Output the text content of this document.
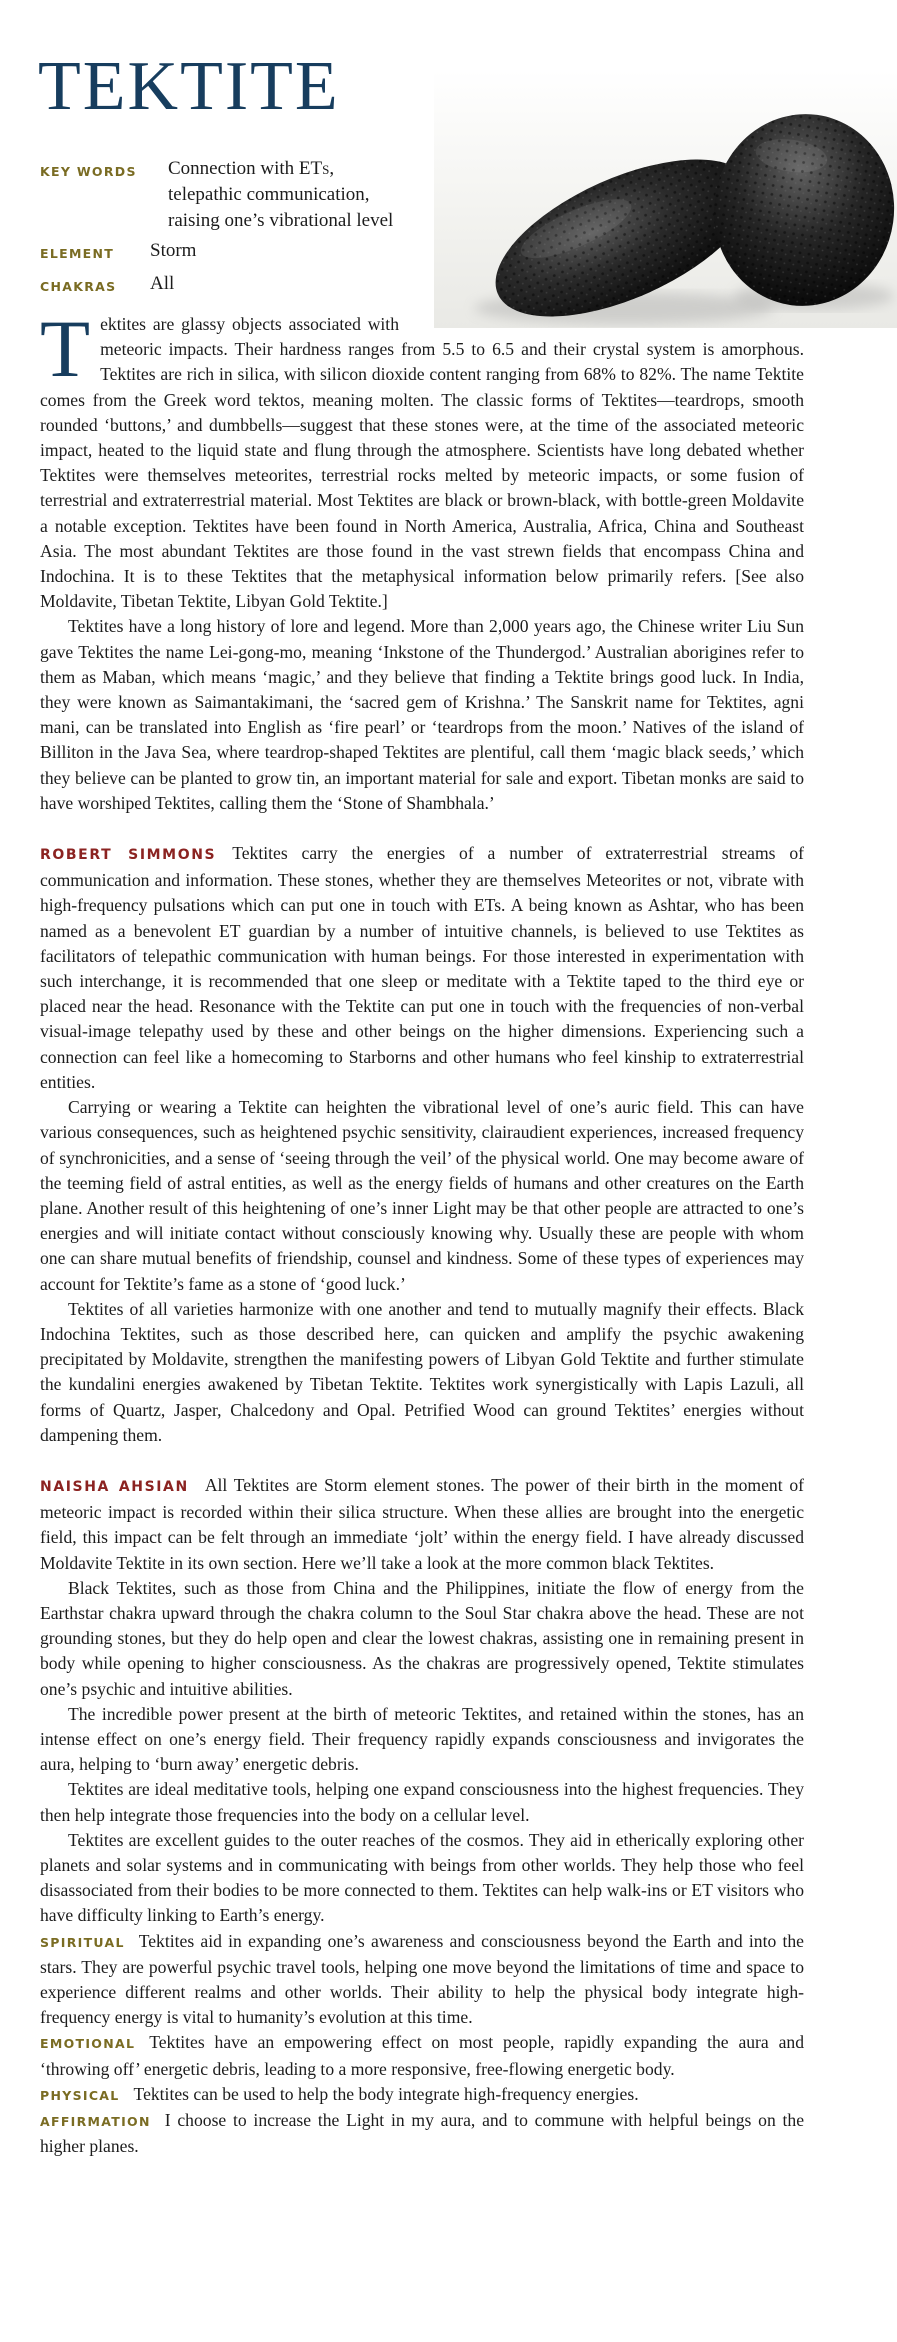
TEKTITE
KEY WORDS	Connection with ETs, telepathic communication, raising one’s vibrational level
ELEMENT	Storm
CHAKRAS	All

Tektites are glassy objects associated with meteoric impacts. Their hardness ranges from 5.5 to 6.5 and their crystal system is amorphous. Tektites are rich in silica, with silicon dioxide content ranging from 68% to 82%. The name Tektite comes from the Greek word tektos, meaning molten. The classic forms of Tektites—teardrops, smooth rounded ‘buttons,’ and dumbbells—suggest that these stones were, at the time of the associated meteoric impact, heated to the liquid state and flung through the atmosphere. Scientists have long debated whether Tektites were themselves meteorites, terrestrial rocks melted by meteoric impacts, or some fusion of terrestrial and extraterrestrial material. Most Tektites are black or brown-black, with bottle-green Moldavite a notable exception. Tektites have been found in North America, Australia, Africa, China and Southeast Asia. The most abundant Tektites are those found in the vast strewn fields that encompass China and Indochina. It is to these Tektites that the metaphysical information below primarily refers. [See also Moldavite, Tibetan Tektite, Libyan Gold Tektite.]

Tektites have a long history of lore and legend. More than 2,000 years ago, the Chinese writer Liu Sun gave Tektites the name Lei-gong-mo, meaning ‘Inkstone of the Thundergod.’ Australian aborigines refer to them as Maban, which means ‘magic,’ and they believe that finding a Tektite brings good luck. In India, they were known as Saimantakimani, the ‘sacred gem of Krishna.’ The Sanskrit name for Tektites, agni mani, can be translated into English as ‘fire pearl’ or ‘teardrops from the moon.’ Natives of the island of Billiton in the Java Sea, where teardrop-shaped Tektites are plentiful, call them ‘magic black seeds,’ which they believe can be planted to grow tin, an important material for sale and export. Tibetan monks are said to have worshiped Tektites, calling them the ‘Stone of Shambhala.’

ROBERT SIMMONS Tektites carry the energies of a number of extraterrestrial streams of communication and information. These stones, whether they are themselves Meteorites or not, vibrate with high-frequency pulsations which can put one in touch with ETs. A being known as Ashtar, who has been named as a benevolent ET guardian by a number of intuitive channels, is believed to use Tektites as facilitators of telepathic communication with human beings. For those interested in experimentation with such interchange, it is recommended that one sleep or meditate with a Tektite taped to the third eye or placed near the head. Resonance with the Tektite can put one in touch with the frequencies of non-verbal visual-image telepathy used by these and other beings on the higher dimensions. Experiencing such a connection can feel like a homecoming to Starborns and other humans who feel kinship to extraterrestrial entities.

Carrying or wearing a Tektite can heighten the vibrational level of one’s auric field. This can have various consequences, such as heightened psychic sensitivity, clairaudient experiences, increased frequency of synchronicities, and a sense of ‘seeing through the veil’ of the physical world. One may become aware of the teeming field of astral entities, as well as the energy fields of humans and other creatures on the Earth plane. Another result of this heightening of one’s inner Light may be that other people are attracted to one’s energies and will initiate contact without consciously knowing why. Usually these are people with whom one can share mutual benefits of friendship, counsel and kindness. Some of these types of experiences may account for Tektite’s fame as a stone of ‘good luck.’

Tektites of all varieties harmonize with one another and tend to mutually magnify their effects. Black Indochina Tektites, such as those described here, can quicken and amplify the psychic awakening precipitated by Moldavite, strengthen the manifesting powers of Libyan Gold Tektite and further stimulate the kundalini energies awakened by Tibetan Tektite. Tektites work synergistically with Lapis Lazuli, all forms of Quartz, Jasper, Chalcedony and Opal. Petrified Wood can ground Tektites’ energies without dampening them.

NAISHA AHSIAN All Tektites are Storm element stones. The power of their birth in the moment of meteoric impact is recorded within their silica structure. When these allies are brought into the energetic field, this impact can be felt through an immediate ‘jolt’ within the energy field. I have already discussed Moldavite Tektite in its own section. Here we’ll take a look at the more common black Tektites.

Black Tektites, such as those from China and the Philippines, initiate the flow of energy from the Earthstar chakra upward through the chakra column to the Soul Star chakra above the head. These are not grounding stones, but they do help open and clear the lowest chakras, assisting one in remaining present in body while opening to higher consciousness. As the chakras are progressively opened, Tektite stimulates one’s psychic and intuitive abilities.

The incredible power present at the birth of meteoric Tektites, and retained within the stones, has an intense effect on one’s energy field. Their frequency rapidly expands consciousness and invigorates the aura, helping to ‘burn away’ energetic debris.

Tektites are ideal meditative tools, helping one expand consciousness into the highest frequencies. They then help integrate those frequencies into the body on a cellular level.

Tektites are excellent guides to the outer reaches of the cosmos. They aid in etherically exploring other planets and solar systems and in communicating with beings from other worlds. They help those who feel disassociated from their bodies to be more connected to them. Tektites can help walk-ins or ET visitors who have difficulty linking to Earth’s energy.

SPIRITUAL Tektites aid in expanding one’s awareness and consciousness beyond the Earth and into the stars. They are powerful psychic travel tools, helping one move beyond the limitations of time and space to experience different realms and other worlds. Their ability to help the physical body integrate high-frequency energy is vital to humanity’s evolution at this time.

EMOTIONAL Tektites have an empowering effect on most people, rapidly expanding the aura and ‘throwing off’ energetic debris, leading to a more responsive, free-flowing energetic body.

PHYSICAL Tektites can be used to help the body integrate high-frequency energies.

AFFIRMATION I choose to increase the Light in my aura, and to commune with helpful beings on the higher planes.
